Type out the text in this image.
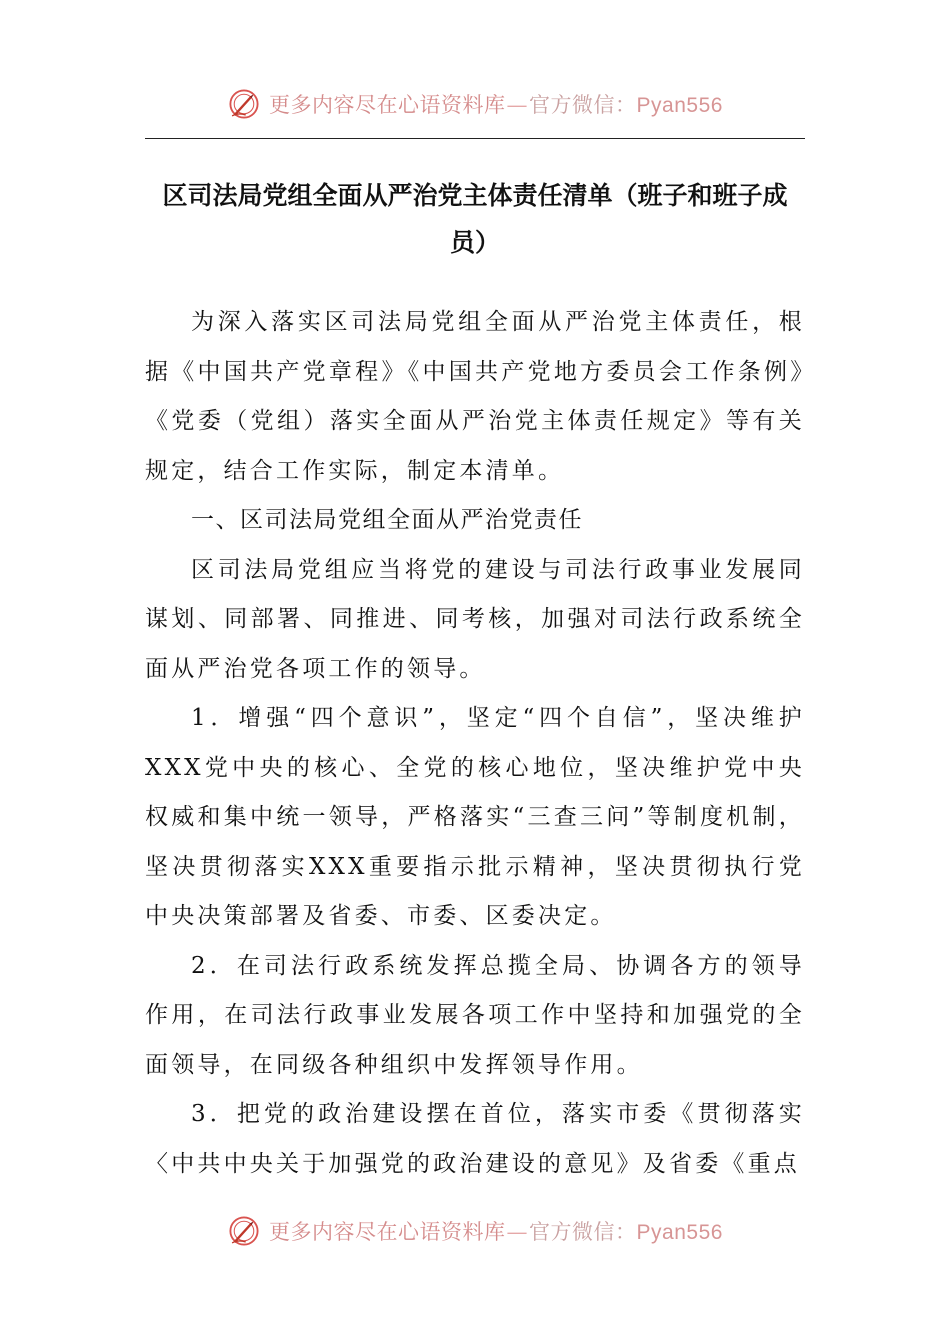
更多内容尽在心语资料库 — 官方微信： Pyan556
区司法局党组全面从严治党主体责任清单（班子和班子成员）

为深入落实区司法局党组全面从严治党主体责任，根据《中国共产党章程》《中国共产党地方委员会工作条例》《党委（党组）落实全面从严治党主体责任规定》等有关规定，结合工作实际，制定本清单。

一、区司法局党组全面从严治党责任

区司法局党组应当将党的建设与司法行政事业发展同谋划、同部署、同推进、同考核，加强对司法行政系统全面从严治党各项工作的领导。

1．增强“四个意识”，坚定“四个自信”，坚决维护XXX党中央的核心、全党的核心地位，坚决维护党中央权威和集中统一领导，严格落实“三查三问”等制度机制，坚决贯彻落实XXX重要指示批示精神，坚决贯彻执行党中央决策部署及省委、市委、区委决定。

2．在司法行政系统发挥总揽全局、协调各方的领导作用，在司法行政事业发展各项工作中坚持和加强党的全面领导，在同级各种组织中发挥领导作用。

3．把党的政治建设摆在首位，落实市委《贯彻落实〈中共中央关于加强党的政治建设的意见》及省委《重点

更多内容尽在心语资料库 — 官方微信： Pyan556
